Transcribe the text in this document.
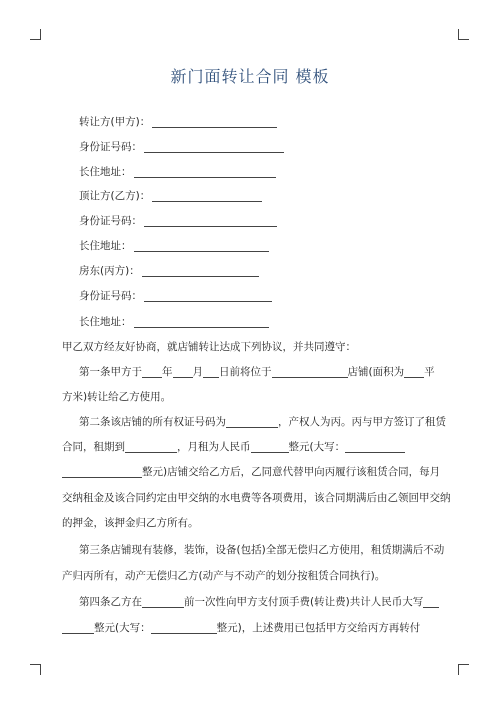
新门面转让合同 模板
转让方(甲方)：
身份证号码：
长住地址：
顶让方(乙方)：
身份证号码：
长住地址：
房东(丙方)：
身份证号码：
长住地址：
甲乙双方经友好协商，就店铺转让达成下列协议，并共同遵守：
第一条甲方于 年 月 日前将位于	店铺(面积为 平
方米)转让给乙方使用。
第二条该店铺的所有权证号码为	，产权人为丙。丙与甲方签订了租赁
合同，租期到	，月租为人民币	整元(大写：
整元)店铺交给乙方后，乙同意代替甲向丙履行该租赁合同，每月
交纳租金及该合同约定由甲交纳的水电费等各项费用，该合同期满后由乙领回甲交纳
的押金，该押金归乙方所有。
第三条店铺现有装修，装饰，设备(包括)全部无偿归乙方使用，租赁期满后不动
产归丙所有，动产无偿归乙方(动产与不动产的划分按租赁合同执行)。
第四条乙方在	前一次性向甲方支付顶手费(转让费)共计人民币大写
整元(大写：	整元)，上述费用已包括甲方交给丙方再转付
